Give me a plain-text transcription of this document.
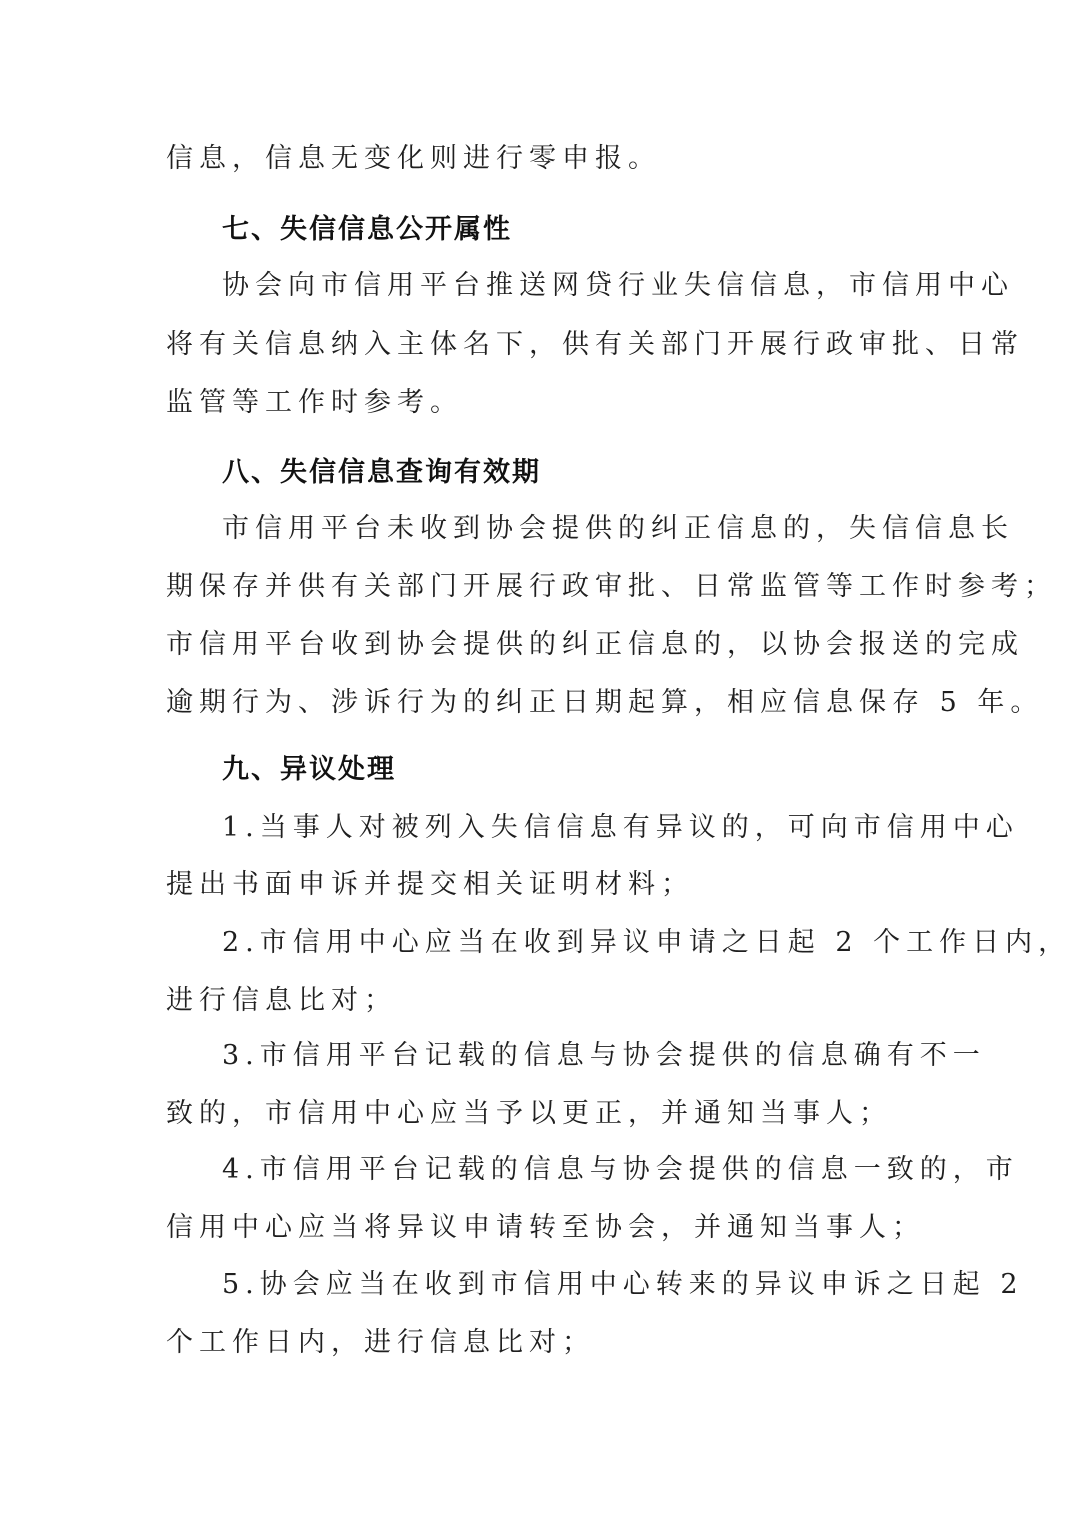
信息，信息无变化则进行零申报。
七、失信信息公开属性
协会向市信用平台推送网贷行业失信信息，市信用中心
将有关信息纳入主体名下，供有关部门开展行政审批、日常
监管等工作时参考。
八、失信信息查询有效期
市信用平台未收到协会提供的纠正信息的，失信信息长
期保存并供有关部门开展行政审批、日常监管等工作时参考；
市信用平台收到协会提供的纠正信息的，以协会报送的完成
逾期行为、涉诉行为的纠正日期起算，相应信息保存 5 年。
九、异议处理
1.当事人对被列入失信信息有异议的，可向市信用中心
提出书面申诉并提交相关证明材料；
2.市信用中心应当在收到异议申请之日起 2 个工作日内，
进行信息比对；
3.市信用平台记载的信息与协会提供的信息确有不一
致的，市信用中心应当予以更正，并通知当事人；
4.市信用平台记载的信息与协会提供的信息一致的，市
信用中心应当将异议申请转至协会，并通知当事人；
5.协会应当在收到市信用中心转来的异议申诉之日起 2
个工作日内，进行信息比对；
